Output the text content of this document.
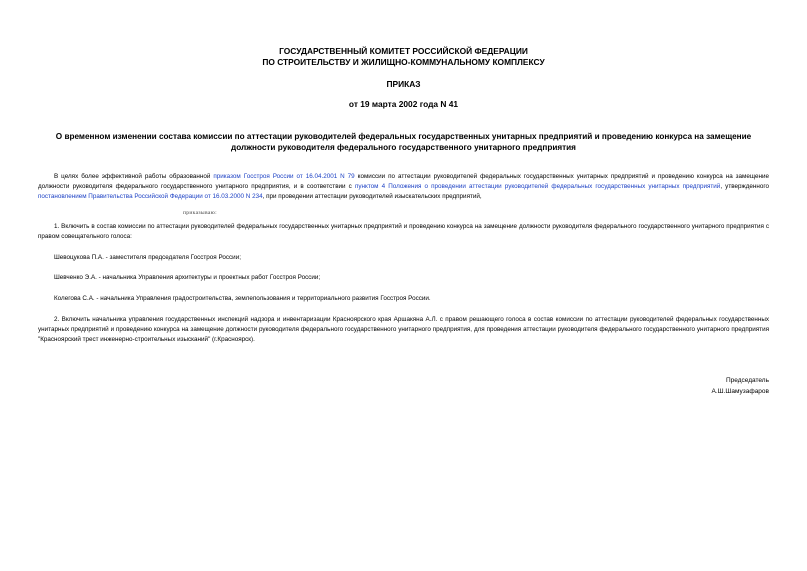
ГОСУДАРСТВЕННЫЙ КОМИТЕТ РОССИЙСКОЙ ФЕДЕРАЦИИ
ПО СТРОИТЕЛЬСТВУ И ЖИЛИЩНО-КОММУНАЛЬНОМУ КОМПЛЕКСУ
ПРИКАЗ
от 19 марта 2002 года N 41
О временном изменении состава комиссии по аттестации руководителей федеральных государственных унитарных предприятий и проведению конкурса на замещение должности руководителя федерального государственного унитарного предприятия
В целях более эффективной работы образованной приказом Госстроя России от 16.04.2001 N 79 комиссии по аттестации руководителей федеральных государственных унитарных предприятий и проведению конкурса на замещение должности руководителя федерального государственного унитарного предприятия, и в соответствии с пунктом 4 Положения о проведении аттестации руководителей федеральных государственных унитарных предприятий, утвержденного постановлением Правительства Российской Федерации от 16.03.2000 N 234, при проведении аттестации руководителей изыскательских предприятий,
приказываю:
1. Включить в состав комиссии по аттестации руководителей федеральных государственных унитарных предприятий и проведению конкурса на замещение должности руководителя федерального государственного унитарного предприятия с правом совещательного голоса:
Шевоцукова П.А. - заместителя председателя Госстроя России;
Шевченко Э.А. - начальника Управления архитектуры и проектных работ Госстроя России;
Колегова С.А. - начальника Управления градостроительства, землепользования и территориального развития Госстроя России.
2. Включить начальника управления государственных инспекций надзора и инвентаризации Красноярского края Аршакяна А.Л. с правом решающего голоса в состав комиссии по аттестации руководителей федеральных государственных унитарных предприятий и проведению конкурса на замещение должности руководителя федерального государственного унитарного предприятия, для проведения аттестации руководителя федерального государственного унитарного предприятия "Красноярский трест инженерно-строительных изысканий" (г.Красноярск).
Председатель
А.Ш.Шамузафаров
